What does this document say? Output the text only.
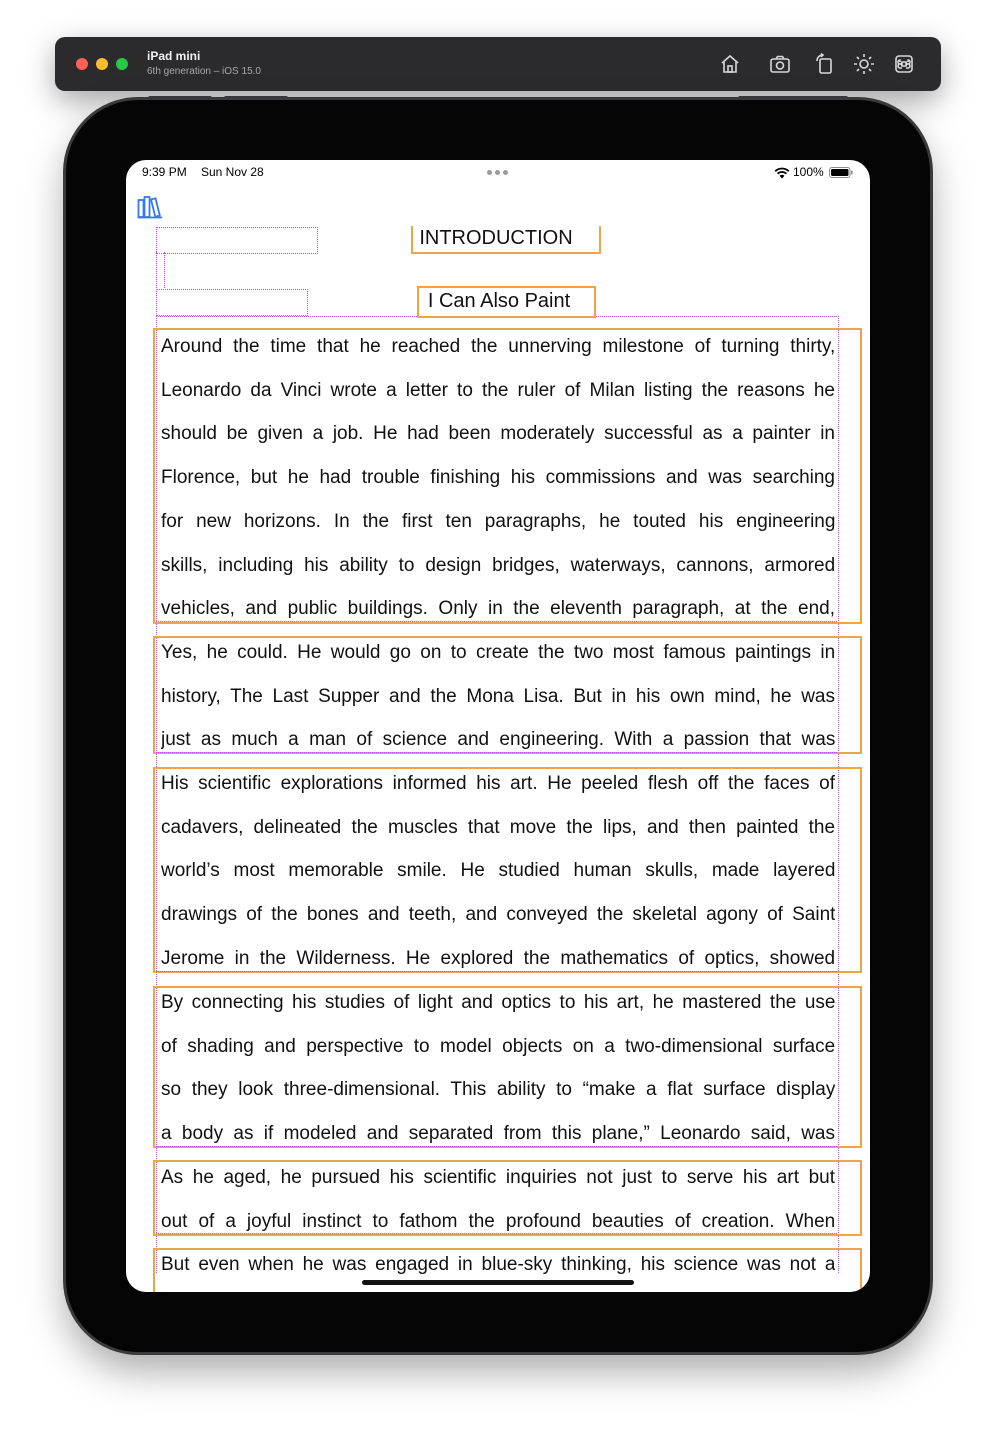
iPad mini
6th generation – iOS 15.0
9:39 PM Sun Nov 28	100%
INTRODUCTION
I Can Also Paint
Around the time that he reached the unnerving milestone of turning thirty,
Leonardo da Vinci wrote a letter to the ruler of Milan listing the reasons he
should be given a job. He had been moderately successful as a painter in
Florence, but he had trouble finishing his commissions and was searching
for new horizons. In the first ten paragraphs, he touted his engineering
skills, including his ability to design bridges, waterways, cannons, armored
vehicles, and public buildings. Only in the eleventh paragraph, at the end,
Yes, he could. He would go on to create the two most famous paintings in
history, The Last Supper and the Mona Lisa. But in his own mind, he was
just as much a man of science and engineering. With a passion that was
His scientific explorations informed his art. He peeled flesh off the faces of
cadavers, delineated the muscles that move the lips, and then painted the
world’s most memorable smile. He studied human skulls, made layered
drawings of the bones and teeth, and conveyed the skeletal agony of Saint
Jerome in the Wilderness. He explored the mathematics of optics, showed
By connecting his studies of light and optics to his art, he mastered the use
of shading and perspective to model objects on a two-dimensional surface
so they look three-dimensional. This ability to “make a flat surface display
a body as if modeled and separated from this plane,” Leonardo said, was
As he aged, he pursued his scientific inquiries not just to serve his art but
out of a joyful instinct to fathom the profound beauties of creation. When
But even when he was engaged in blue-sky thinking, his science was not a
